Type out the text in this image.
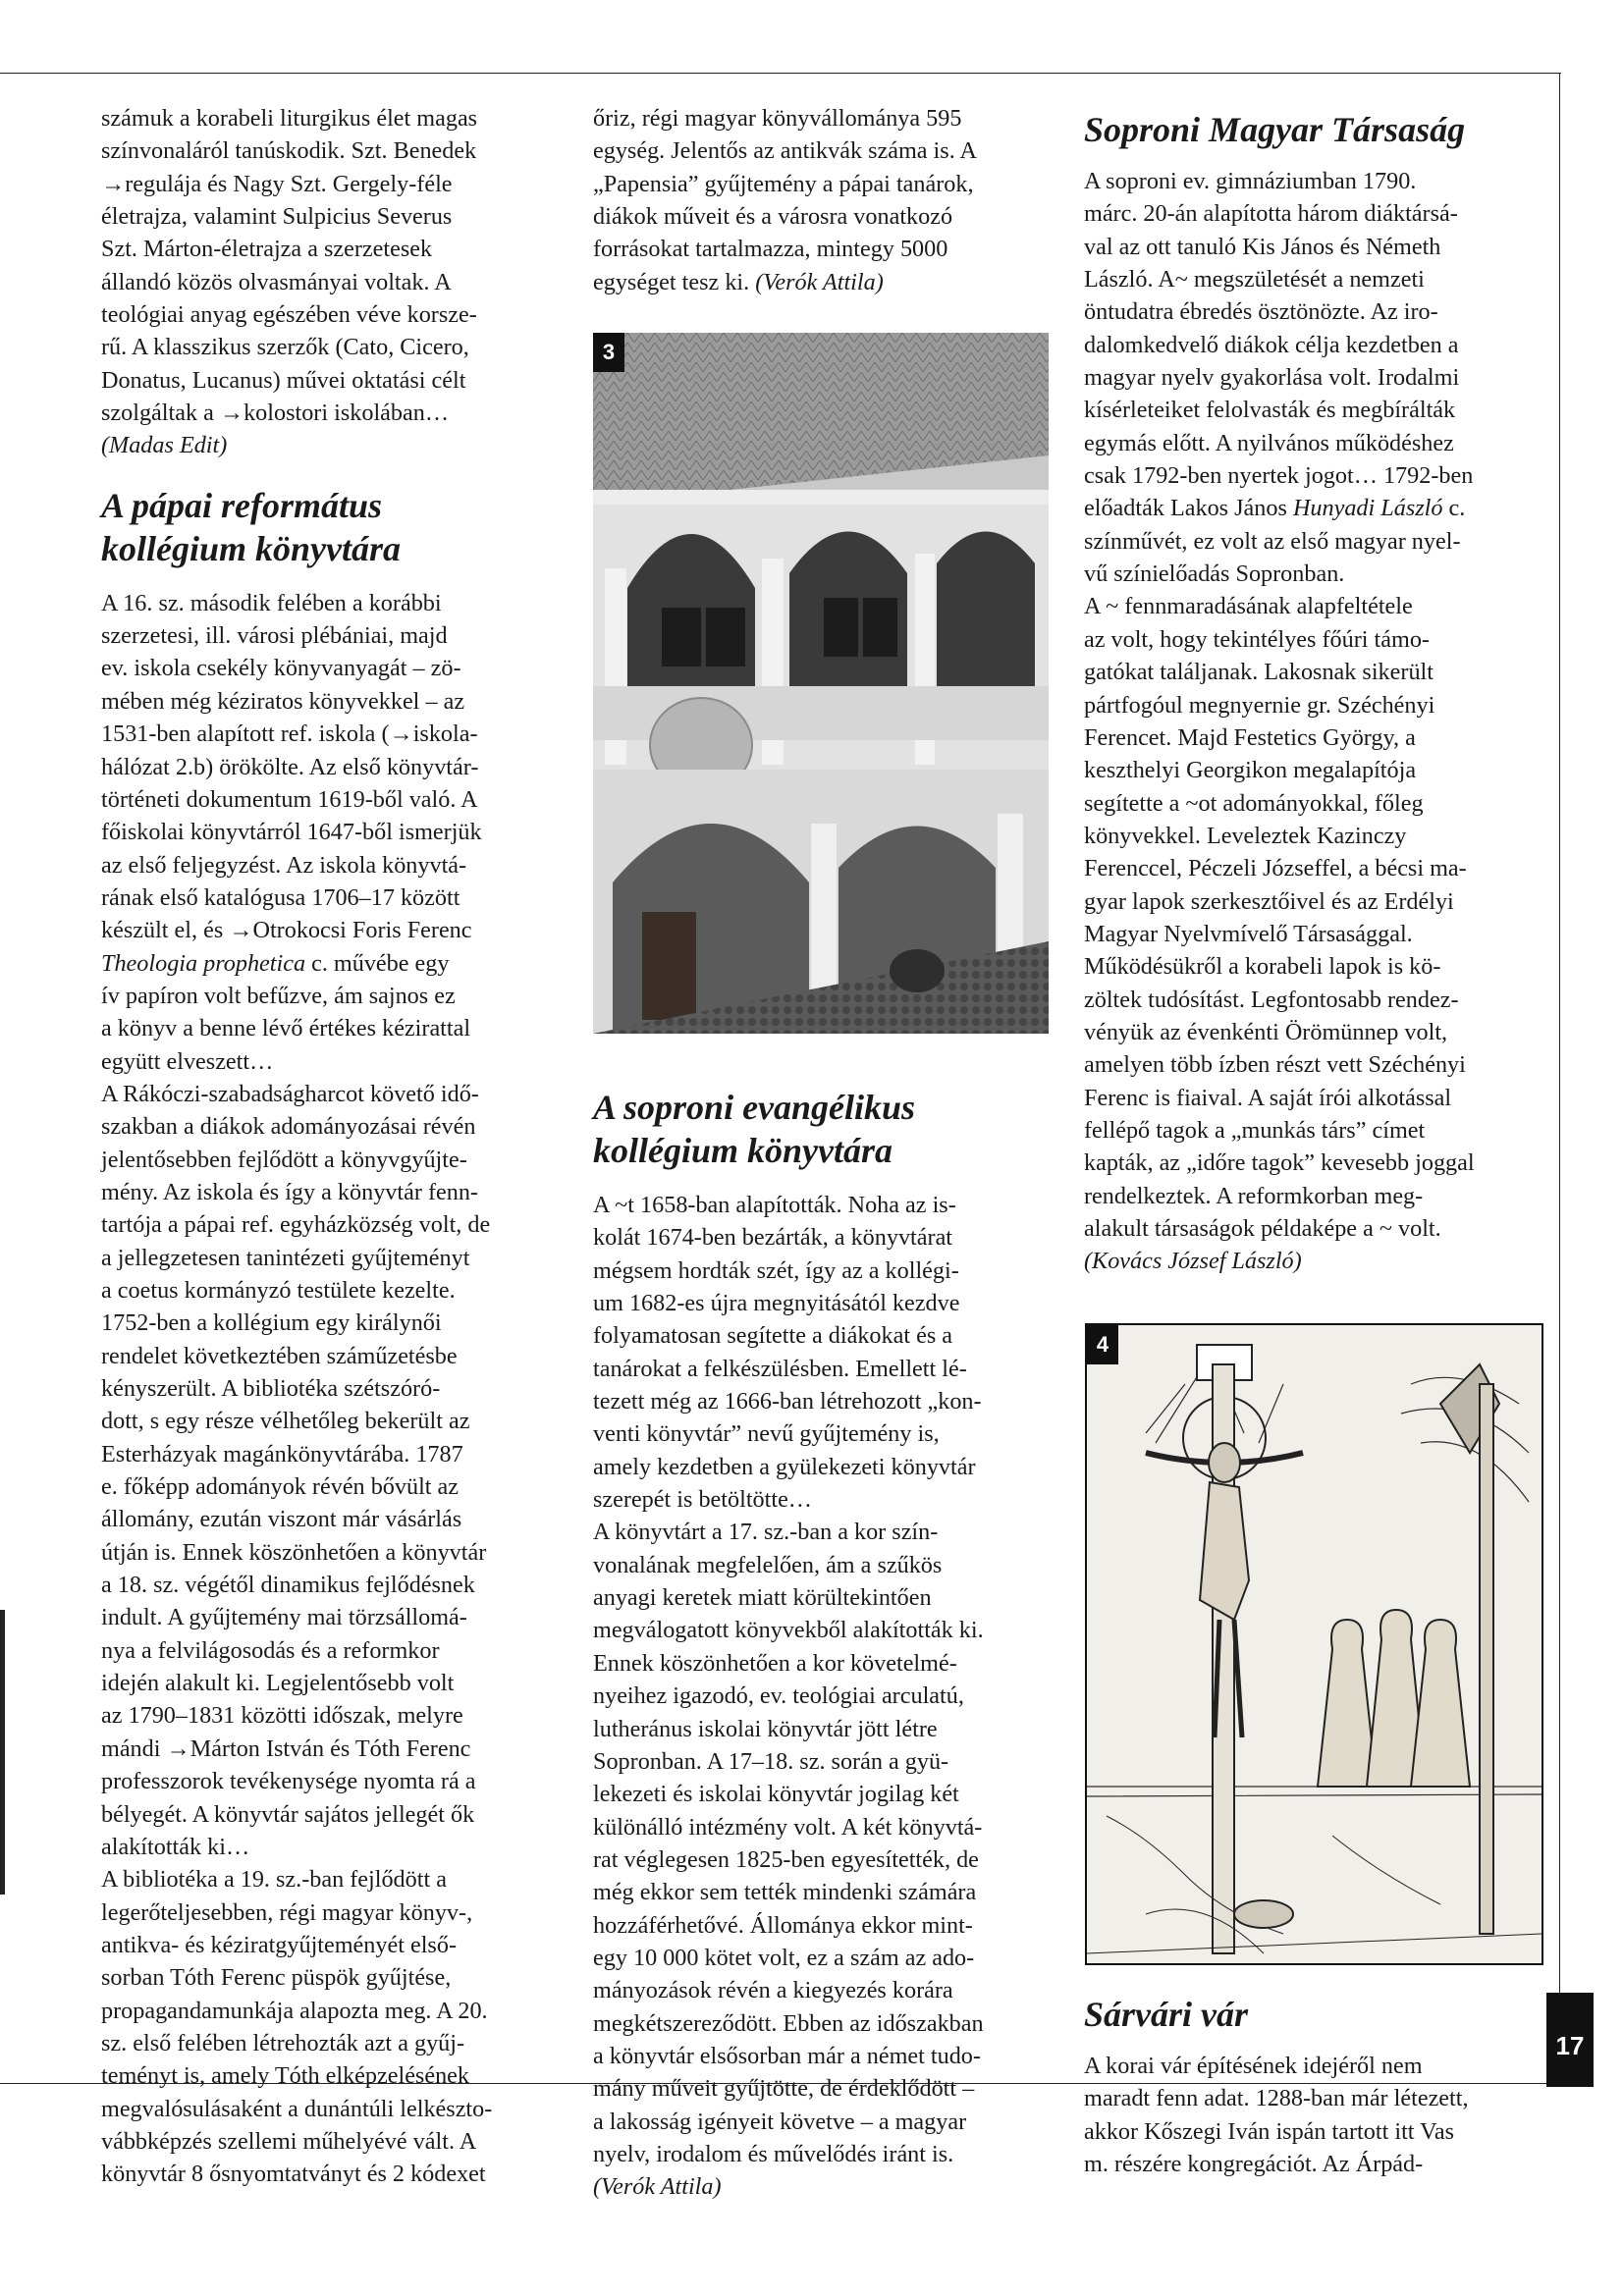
17
számuk a korabeli liturgikus élet magas
színvonaláról tanúskodik. Szt. Benedek
→regulája és Nagy Szt. Gergely-féle
életrajza, valamint Sulpicius Severus
Szt. Márton-életrajza a szerzetesek
állandó közös olvasmányai voltak. A
teológiai anyag egészében véve korsze-
rű. A klasszikus szerzők (Cato, Cicero,
Donatus, Lucanus) művei oktatási célt
szolgáltak a →kolostori iskolában…
(Madas Edit)
A pápai református
kollégium könyvtára
A 16. sz. második felében a korábbi
szerzetesi, ill. városi plébániai, majd
ev. iskola csekély könyvanyagát – zö-
mében még kéziratos könyvekkel – az
1531-ben alapított ref. iskola (→iskola-
hálózat 2.b) örökölte. Az első könyvtár-
történeti dokumentum 1619-ből való. A
főiskolai könyvtárról 1647-ből ismerjük
az első feljegyzést. Az iskola könyvtá-
rának első katalógusa 1706–17 között
készült el, és →Otrokocsi Foris Ferenc
Theologia prophetica c. művébe egy
ív papíron volt befűzve, ám sajnos ez
a könyv a benne lévő értékes kézirattal
együtt elveszett…
A Rákóczi-szabadságharcot követő idő-
szakban a diákok adományozásai révén
jelentősebben fejlődött a könyvgyűjte-
mény. Az iskola és így a könyvtár fenn-
tartója a pápai ref. egyházközség volt, de
a jellegzetesen tanintézeti gyűjteményt
a coetus kormányzó testülete kezelte.
1752-ben a kollégium egy királynői
rendelet következtében száműzetésbe
kényszerült. A bibliotéka szétszóró-
dott, s egy része vélhetőleg bekerült az
Esterházyak magánkönyvtárába. 1787
e. főképp adományok révén bővült az
állomány, ezután viszont már vásárlás
útján is. Ennek köszönhetően a könyvtár
a 18. sz. végétől dinamikus fejlődésnek
indult. A gyűjtemény mai törzsállomá-
nya a felvilágosodás és a reformkor
idején alakult ki. Legjelentősebb volt
az 1790–1831 közötti időszak, melyre
mándi →Márton István és Tóth Ferenc
professzorok tevékenysége nyomta rá a
bélyegét. A könyvtár sajátos jellegét ők
alakították ki…
A bibliotéka a 19. sz.-ban fejlődött a
legerőteljesebben, régi magyar könyv-,
antikva- és kéziratgyűjteményét első-
sorban Tóth Ferenc püspök gyűjtése,
propagandamunkája alapozta meg. A 20.
sz. első felében létrehozták azt a gyűj-
teményt is, amely Tóth elképzelésének
megvalósulásaként a dunántúli lelkészto-
vábbképzés szellemi műhelyévé vált. A
könyvtár 8 ősnyomtatványt és 2 kódexet
őriz, régi magyar könyvállománya 595
egység. Jelentős az antikvák száma is. A
„Papensia” gyűjtemény a pápai tanárok,
diákok műveit és a városra vonatkozó
forrásokat tartalmazza, mintegy 5000
egységet tesz ki. (Verók Attila)
3
A soproni evangélikus
kollégium könyvtára
A ~t 1658-ban alapították. Noha az is-
kolát 1674-ben bezárták, a könyvtárat
mégsem hordták szét, így az a kollégi-
um 1682-es újra megnyitásától kezdve
folyamatosan segítette a diákokat és a
tanárokat a felkészülésben. Emellett lé-
tezett még az 1666-ban létrehozott „kon-
venti könyvtár” nevű gyűjtemény is,
amely kezdetben a gyülekezeti könyvtár
szerepét is betöltötte…
A könyvtárt a 17. sz.-ban a kor szín-
vonalának megfelelően, ám a szűkös
anyagi keretek miatt körültekintően
megválogatott könyvekből alakították ki.
Ennek köszönhetően a kor követelmé-
nyeihez igazodó, ev. teológiai arculatú,
lutheránus iskolai könyvtár jött létre
Sopronban. A 17–18. sz. során a gyü-
lekezeti és iskolai könyvtár jogilag két
különálló intézmény volt. A két könyvtá-
rat véglegesen 1825-ben egyesítették, de
még ekkor sem tették mindenki számára
hozzáférhetővé. Állománya ekkor mint-
egy 10 000 kötet volt, ez a szám az ado-
mányozások révén a kiegyezés korára
megkétszereződött. Ebben az időszakban
a könyvtár elsősorban már a német tudo-
mány műveit gyűjtötte, de érdeklődött –
a lakosság igényeit követve – a magyar
nyelv, irodalom és művelődés iránt is.
(Verók Attila)
Soproni Magyar Társaság
A soproni ev. gimnáziumban 1790.
márc. 20-án alapította három diáktársá-
val az ott tanuló Kis János és Németh
László. A~ megszületését a nemzeti
öntudatra ébredés ösztönözte. Az iro-
dalomkedvelő diákok célja kezdetben a
magyar nyelv gyakorlása volt. Irodalmi
kísérleteiket felolvasták és megbírálták
egymás előtt. A nyilvános működéshez
csak 1792-ben nyertek jogot… 1792-ben
előadták Lakos János Hunyadi László c.
színművét, ez volt az első magyar nyel-
vű színielőadás Sopronban.
A ~ fennmaradásának alapfeltétele
az volt, hogy tekintélyes főúri támo-
gatókat találjanak. Lakosnak sikerült
pártfogóul megnyernie gr. Széchényi
Ferencet. Majd Festetics György, a
keszthelyi Georgikon megalapítója
segítette a ~ot adományokkal, főleg
könyvekkel. Leveleztek Kazinczy
Ferenccel, Péczeli Józseffel, a bécsi ma-
gyar lapok szerkesztőivel és az Erdélyi
Magyar Nyelvmívelő Társasággal.
Működésükről a korabeli lapok is kö-
zöltek tudósítást. Legfontosabb rendez-
vényük az évenkénti Örömünnep volt,
amelyen több ízben részt vett Széchényi
Ferenc is fiaival. A saját írói alkotással
fellépő tagok a „munkás társ” címet
kapták, az „időre tagok” kevesebb joggal
rendelkeztek. A reformkorban meg-
alakult társaságok példaképe a ~ volt.
(Kovács József László)
4
Sárvári vár
A korai vár építésének idejéről nem
maradt fenn adat. 1288-ban már létezett,
akkor Kőszegi Iván ispán tartott itt Vas
m. részére kongregációt. Az Árpád-
